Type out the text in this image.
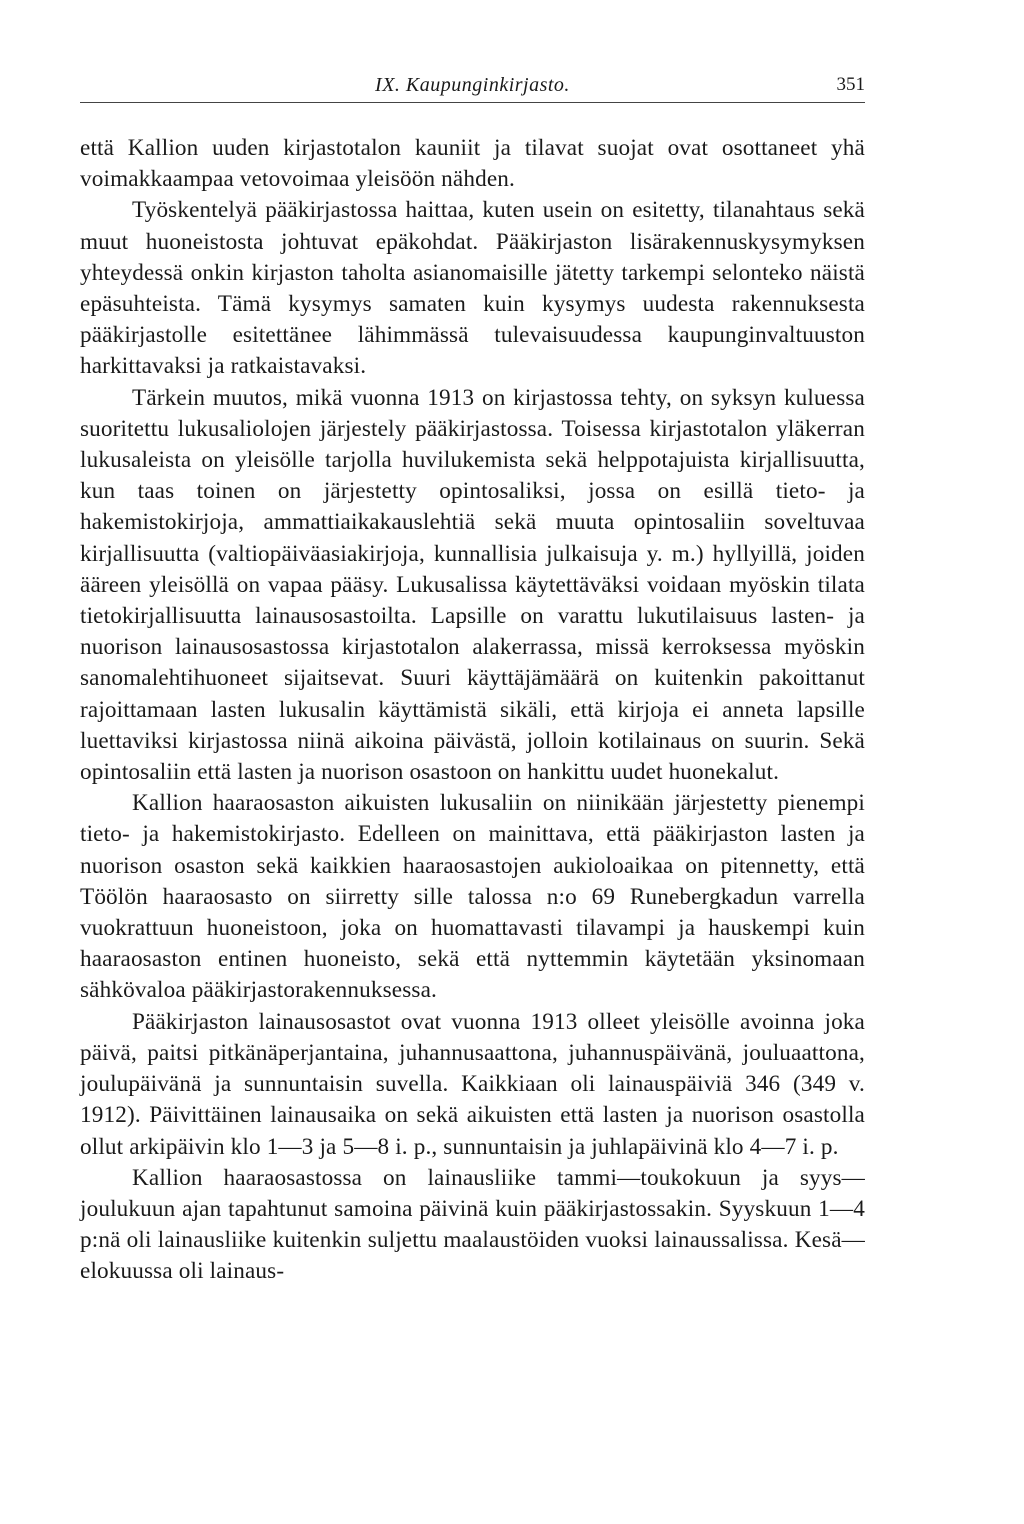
IX. Kaupunginkirjasto.	351

että Kallion uuden kirjastotalon kauniit ja tilavat suojat ovat osottaneet yhä voimakkaampaa vetovoimaa yleisöön nähden.

Työskentelyä pääkirjastossa haittaa, kuten usein on esitetty, tilanahtaus sekä muut huoneistosta johtuvat epäkohdat. Pääkirjaston lisärakennuskysymyksen yhteydessä onkin kirjaston taholta asianomaisille jätetty tarkempi selonteko näistä epäsuhteista. Tämä kysymys samaten kuin kysymys uudesta rakennuksesta pääkirjastolle esitettänee lähimmässä tulevaisuudessa kaupunginvaltuuston harkittavaksi ja ratkaistavaksi.

Tärkein muutos, mikä vuonna 1913 on kirjastossa tehty, on syksyn kuluessa suoritettu lukusaliolojen järjestely pääkirjastossa. Toisessa kirjastotalon yläkerran lukusaleista on yleisölle tarjolla huvilukemista sekä helppotajuista kirjallisuutta, kun taas toinen on järjestetty opintosaliksi, jossa on esillä tieto- ja hakemistokirjoja, ammattiaikakauslehtiä sekä muuta opintosaliin soveltuvaa kirjallisuutta (valtiopäiväasiakirjoja, kunnallisia julkaisuja y. m.) hyllyillä, joiden ääreen yleisöllä on vapaa pääsy. Lukusalissa käytettäväksi voidaan myöskin tilata tietokirjallisuutta lainausosastoilta. Lapsille on varattu lukutilaisuus lasten- ja nuorison lainausosastossa kirjastotalon alakerrassa, missä kerroksessa myöskin sanomalehtihuoneet sijaitsevat. Suuri käyttäjämäärä on kuitenkin pakoittanut rajoittamaan lasten lukusalin käyttämistä sikäli, että kirjoja ei anneta lapsille luettaviksi kirjastossa niinä aikoina päivästä, jolloin kotilainaus on suurin. Sekä opintosaliin että lasten ja nuorison osastoon on hankittu uudet huonekalut.

Kallion haaraosaston aikuisten lukusaliin on niinikään järjestetty pienempi tieto- ja hakemistokirjasto. Edelleen on mainittava, että pääkirjaston lasten ja nuorison osaston sekä kaikkien haaraosastojen aukioloaikaa on pitennetty, että Töölön haaraosasto on siirretty sille talossa n:o 69 Runebergkadun varrella vuokrattuun huoneistoon, joka on huomattavasti tilavampi ja hauskempi kuin haaraosaston entinen huoneisto, sekä että nyttemmin käytetään yksinomaan sähkövaloa pääkirjastorakennuksessa.

Pääkirjaston lainausosastot ovat vuonna 1913 olleet yleisölle avoinna joka päivä, paitsi pitkänäperjantaina, juhannusaattona, juhannuspäivänä, jouluaattona, joulupäivänä ja sunnuntaisin suvella. Kaikkiaan oli lainauspäiviä 346 (349 v. 1912). Päivittäinen lainausaika on sekä aikuisten että lasten ja nuorison osastolla ollut arkipäivin klo 1—3 ja 5—8 i. p., sunnuntaisin ja juhlapäivinä klo 4—7 i. p.

Kallion haaraosastossa on lainausliike tammi—toukokuun ja syys—joulukuun ajan tapahtunut samoina päivinä kuin pääkirjastossakin. Syyskuun 1—4 p:nä oli lainausliike kuitenkin suljettu maalaustöiden vuoksi lainaussalissa. Kesä—elokuussa oli lainaus-
